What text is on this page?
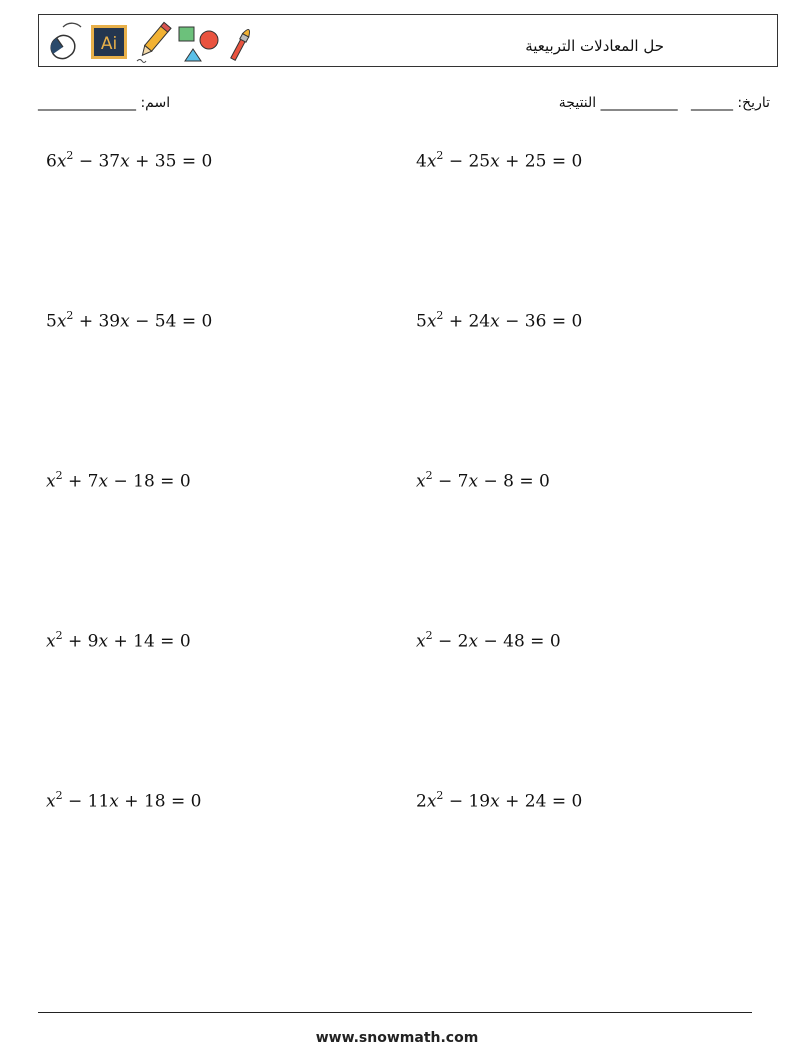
Ai	حل المعادلات التربيعية
تاريخ: ______   ___________ النتيجة
اسم: ______________
$6x^2 - 37x + 35 = 0$
$5x^2 + 39x - 54 = 0$
$x^2 + 7x - 18 = 0$
$x^2 + 9x + 14 = 0$
$x^2 - 11x + 18 = 0$
$4x^2 - 25x + 25 = 0$
$5x^2 + 24x - 36 = 0$
$x^2 - 7x - 8 = 0$
$x^2 - 2x - 48 = 0$
$2x^2 - 19x + 24 = 0$
www.snowmath.com
